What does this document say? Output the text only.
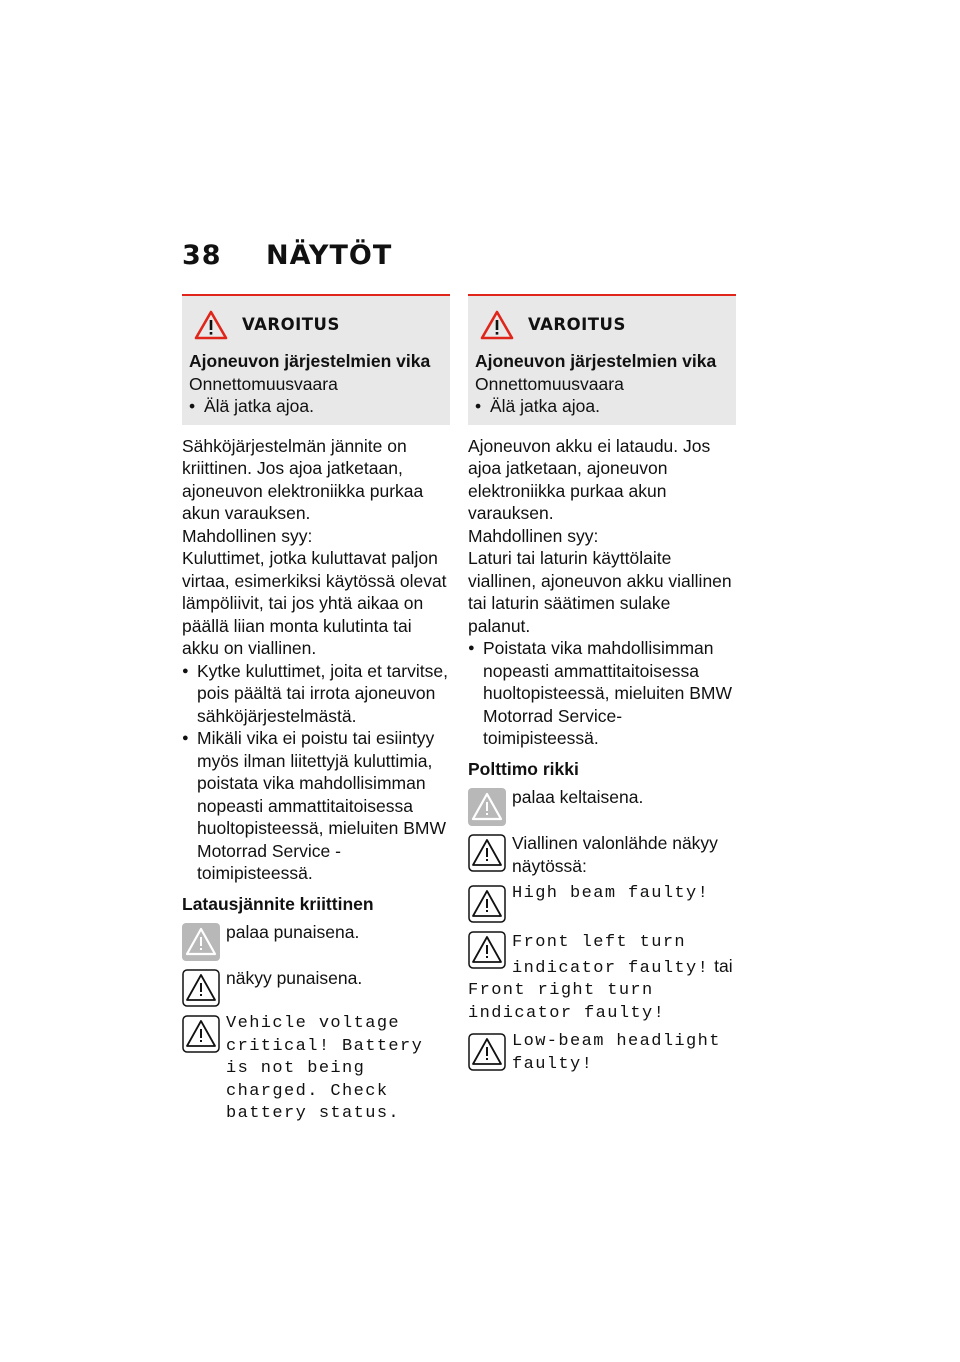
38 NÄYTÖT
VAROITUS

Ajoneuvon järjestelmien vika

Onnettomuusvaara

• Älä jatka ajoa.

Sähköjärjestelmän jännite on kriittinen. Jos ajoa jatketaan, ajoneuvon elektroniikka purkaa akun varauksen.

Mahdollinen syy:

Kuluttimet, jotka kuluttavat paljon virtaa, esimerkiksi käytössä olevat lämpöliivit, tai jos yhtä aikaa on päällä liian monta kulutinta tai akku on viallinen.

● Kytke kuluttimet, joita et tarvitse, pois päältä tai irrota ajoneuvon sähköjärjestelmästä.
● Mikäli vika ei poistu tai esiintyy myös ilman liitettyjä kuluttimia, poistata vika mahdollisimman nopeasti ammattitaitoisessa huoltopisteessä, mieluiten BMW Motorrad Service -toimipisteessä.

Latausjännite kriittinen

palaa punaisena.
näkyy punaisena.
Vehicle voltage critical! Battery is not being charged. Check battery status.
VAROITUS

Ajoneuvon järjestelmien vika

Onnettomuusvaara

• Älä jatka ajoa.

Ajoneuvon akku ei lataudu. Jos ajoa jatketaan, ajoneuvon elektroniikka purkaa akun varauksen.

Mahdollinen syy:

Laturi tai laturin käyttölaite viallinen, ajoneuvon akku viallinen tai laturin säätimen sulake palanut.

● Poistata vika mahdollisimman nopeasti ammattitaitoisessa huoltopisteessä, mieluiten BMW Motorrad Service-toimipisteessä.

Polttimo rikki

palaa keltaisena.
Viallinen valonlähde näkyy näytössä:
High beam faulty!
Front left turn indicator faulty! tai

Front right turn indicator faulty!

Low-beam headlight faulty!
